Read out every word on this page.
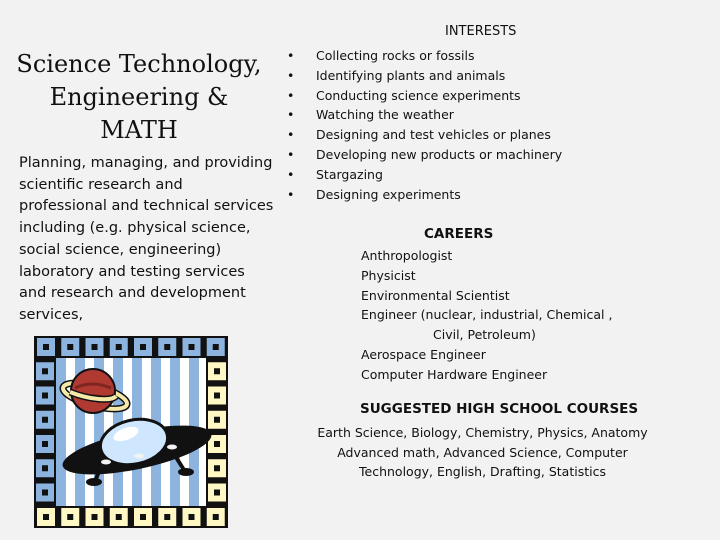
Science Technology,
Engineering &
MATH
Planning, managing, and providing scientific research and professional and technical services including (e.g. physical science, social science, engineering) laboratory and testing services and research and development services,
INTERESTS
• Collecting rocks or fossils
• Identifying plants and animals
• Conducting science experiments
• Watching the weather
• Designing and test vehicles or planes
• Developing new products or machinery
• Stargazing
• Designing experiments
CAREERS
Anthropologist
Physicist
Environmental Scientist
Engineer (nuclear, industrial, Chemical ,
Civil, Petroleum)
Aerospace Engineer
Computer Hardware Engineer
SUGGESTED HIGH SCHOOL COURSES
Earth Science, Biology, Chemistry, Physics, Anatomy
Advanced math, Advanced Science, Computer
Technology, English, Drafting, Statistics
